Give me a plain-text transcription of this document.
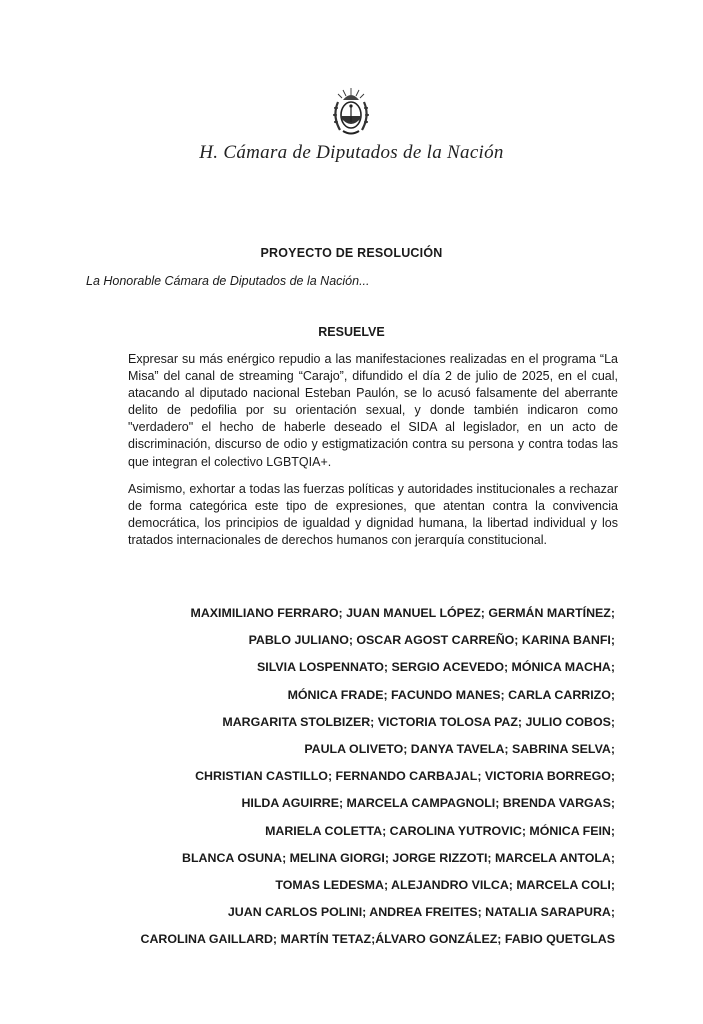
H. Cámara de Diputados de la Nación
PROYECTO DE RESOLUCIÓN
La Honorable Cámara de Diputados de la Nación...
RESUELVE
Expresar su más enérgico repudio a las manifestaciones realizadas en el programa “La Misa” del canal de streaming “Carajo”, difundido el día 2 de julio de 2025, en el cual, atacando al diputado nacional Esteban Paulón, se lo acusó falsamente del aberrante delito de pedofilia por su orientación sexual, y donde también indicaron como "verdadero" el hecho de haberle deseado el SIDA al legislador, en un acto de discriminación, discurso de odio y estigmatización contra su persona y contra todas las que integran el colectivo LGBTQIA+.
Asimismo, exhortar a todas las fuerzas políticas y autoridades institucionales a rechazar de forma categórica este tipo de expresiones, que atentan contra la convivencia democrática, los principios de igualdad y dignidad humana, la libertad individual y los tratados internacionales de derechos humanos con jerarquía constitucional.
MAXIMILIANO FERRARO; JUAN MANUEL LÓPEZ; GERMÁN MARTÍNEZ;
PABLO JULIANO; OSCAR AGOST CARREÑO; KARINA BANFI;
SILVIA LOSPENNATO; SERGIO ACEVEDO; MÓNICA MACHA;
MÓNICA FRADE; FACUNDO MANES; CARLA CARRIZO;
MARGARITA STOLBIZER; VICTORIA TOLOSA PAZ; JULIO COBOS;
PAULA OLIVETO; DANYA TAVELA; SABRINA SELVA;
CHRISTIAN CASTILLO; FERNANDO CARBAJAL; VICTORIA BORREGO;
HILDA AGUIRRE; MARCELA CAMPAGNOLI; BRENDA VARGAS;
MARIELA COLETTA; CAROLINA YUTROVIC; MÓNICA FEIN;
BLANCA OSUNA; MELINA GIORGI; JORGE RIZZOTI; MARCELA ANTOLA;
TOMAS LEDESMA; ALEJANDRO VILCA; MARCELA COLI;
JUAN CARLOS POLINI; ANDREA FREITES; NATALIA SARAPURA;
CAROLINA GAILLARD; MARTÍN TETAZ;ÁLVARO GONZÁLEZ; FABIO QUETGLAS
